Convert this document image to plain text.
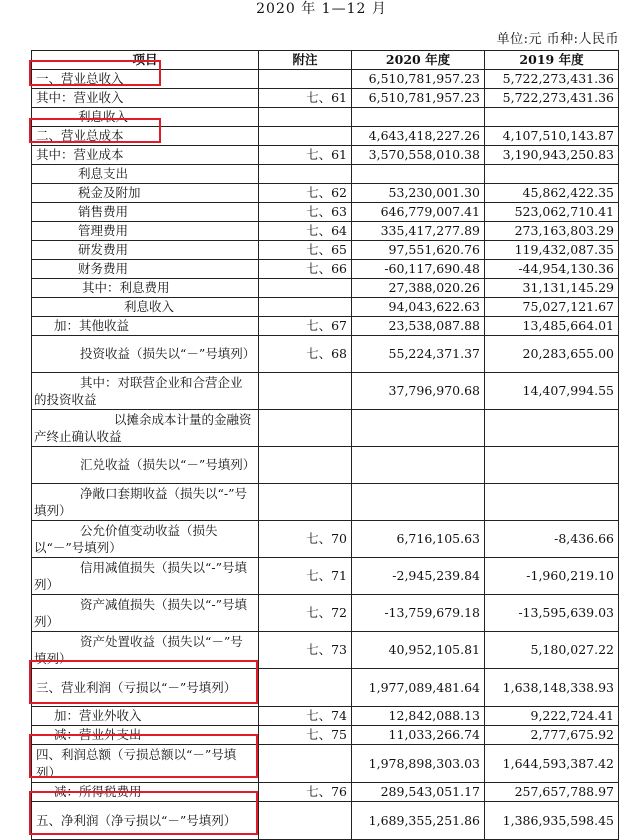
2020 年 1—12 月
单位:元 币种:人民币
项目	附注	2020 年度	2019 年度
一、营业总收入		6,510,781,957.23	5,722,273,431.36
其中：营业收入	七、61	6,510,781,957.23	5,722,273,431.36
利息收入			
二、营业总成本		4,643,418,227.26	4,107,510,143.87
其中：营业成本	七、61	3,570,558,010.38	3,190,943,250.83
利息支出			
税金及附加	七、62	53,230,001.30	45,862,422.35
销售费用	七、63	646,779,007.41	523,062,710.41
管理费用	七、64	335,417,277.89	273,163,803.29
研发费用	七、65	97,551,620.76	119,432,087.35
财务费用	七、66	-60,117,690.48	-44,954,130.36
其中：利息费用		27,388,020.26	31,131,145.29
利息收入		94,043,622.63	75,027,121.67
加：其他收益	七、67	23,538,087.88	13,485,664.01
投资收益（损失以“－”号填列）	七、68	55,224,371.37	20,283,655.00
其中：对联营企业和合营企业的投资收益		37,796,970.68	14,407,994.55
以摊余成本计量的金融资产终止确认收益			
汇兑收益（损失以“－”号填列）			
净敞口套期收益（损失以“-”号填列）			
公允价值变动收益（损失以“－”号填列）	七、70	6,716,105.63	-8,436.66
信用减值损失（损失以“-”号填列）	七、71	-2,945,239.84	-1,960,219.10
资产减值损失（损失以“-”号填列）	七、72	-13,759,679.18	-13,595,639.03
资产处置收益（损失以“－”号填列）	七、73	40,952,105.81	5,180,027.22
三、营业利润（亏损以“－”号填列）		1,977,089,481.64	1,638,148,338.93
加：营业外收入	七、74	12,842,088.13	9,222,724.41
减：营业外支出	七、75	11,033,266.74	2,777,675.92
四、利润总额（亏损总额以“－”号填列）		1,978,898,303.03	1,644,593,387.42
减：所得税费用	七、76	289,543,051.17	257,657,788.97
五、净利润（净亏损以“－”号填列）		1,689,355,251.86	1,386,935,598.45
